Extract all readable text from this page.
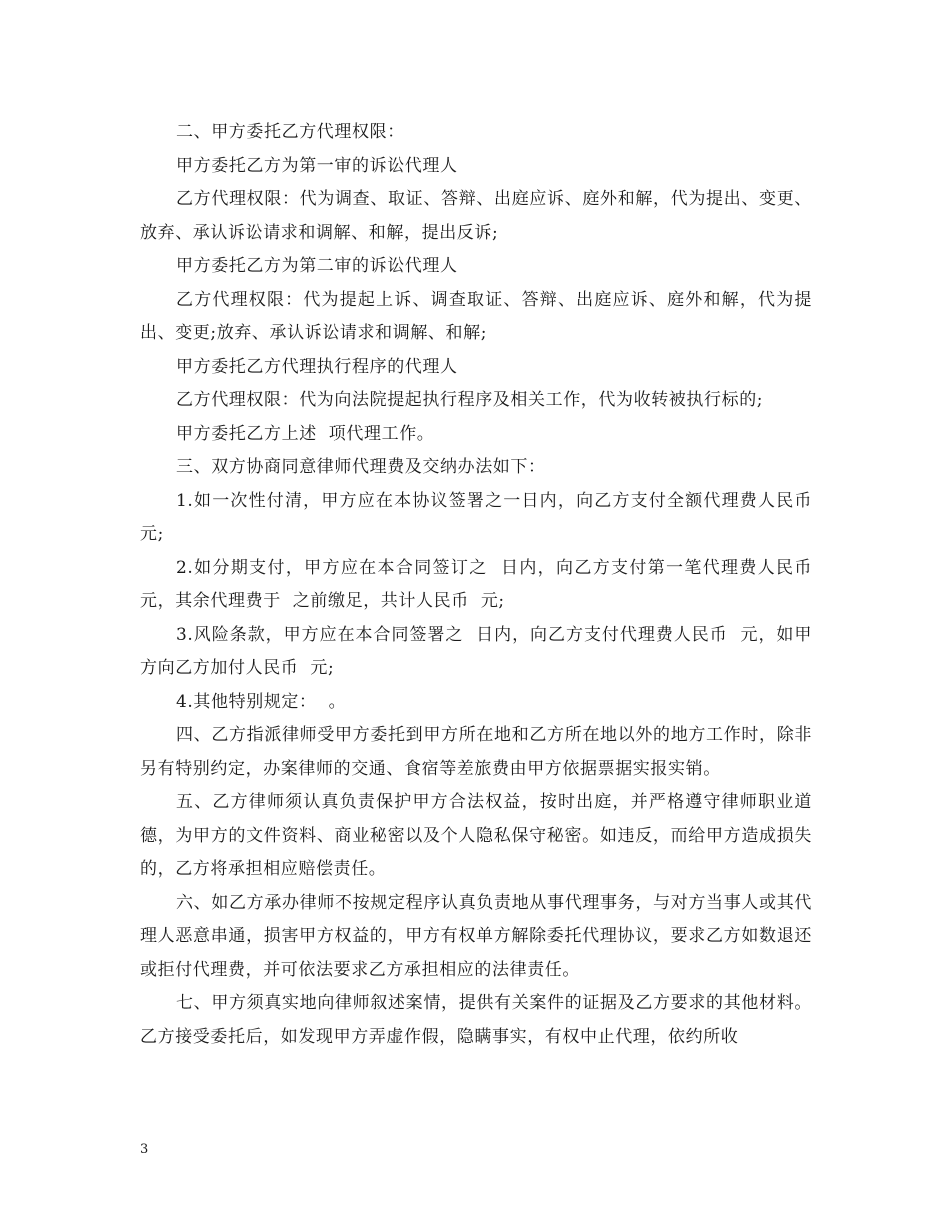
二、甲方委托乙方代理权限：

甲方委托乙方为第一审的诉讼代理人

乙方代理权限：代为调查、取证、答辩、出庭应诉、庭外和解，代为提出、变更、放弃、承认诉讼请求和调解、和解，提出反诉;

甲方委托乙方为第二审的诉讼代理人

乙方代理权限：代为提起上诉、调查取证、答辩、出庭应诉、庭外和解，代为提出、变更;放弃、承认诉讼请求和调解、和解;

甲方委托乙方代理执行程序的代理人

乙方代理权限：代为向法院提起执行程序及相关工作，代为收转被执行标的;

甲方委托乙方上述  项代理工作。

三、双方协商同意律师代理费及交纳办法如下：

1.如一次性付清，甲方应在本协议签署之一日内，向乙方支付全额代理费人民币  元;

2.如分期支付，甲方应在本合同签订之  日内，向乙方支付第一笔代理费人民币  元，其余代理费于  之前缴足，共计人民币  元;

3.风险条款，甲方应在本合同签署之  日内，向乙方支付代理费人民币  元，如甲方向乙方加付人民币  元;

4.其他特别规定：  。

四、乙方指派律师受甲方委托到甲方所在地和乙方所在地以外的地方工作时，除非另有特别约定，办案律师的交通、食宿等差旅费由甲方依据票据实报实销。

五、乙方律师须认真负责保护甲方合法权益，按时出庭，并严格遵守律师职业道德，为甲方的文件资料、商业秘密以及个人隐私保守秘密。如违反，而给甲方造成损失的，乙方将承担相应赔偿责任。

六、如乙方承办律师不按规定程序认真负责地从事代理事务，与对方当事人或其代理人恶意串通，损害甲方权益的，甲方有权单方解除委托代理协议，要求乙方如数退还或拒付代理费，并可依法要求乙方承担相应的法律责任。

七、甲方须真实地向律师叙述案情，提供有关案件的证据及乙方要求的其他材料。乙方接受委托后，如发现甲方弄虚作假，隐瞒事实，有权中止代理，依约所收

3
